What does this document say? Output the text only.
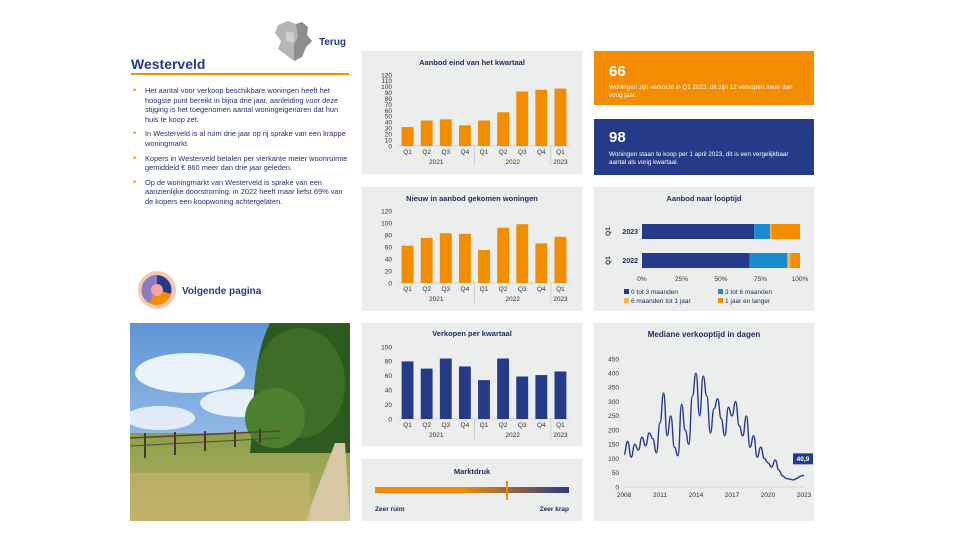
Terug
Westerveld
• Het aantal voor verkoop beschikbare woningen heeft het hoogste punt bereikt in bijna drie jaar, aanleiding voor deze stijging is het toegenomen aantal woningeigenaren dat hun huis te koop zet.
• In Westerveld is al ruim drie jaar op rij sprake van een krappe woningmarkt.
• Kopers in Westerveld betalen per vierkante meter woonruimte gemiddeld € 860 meer dan drie jaar geleden.
• Op de woningmarkt van Westerveld is sprake van een aanzienlijke doorstroming, in 2022 heeft maar liefst 69% van de kopers een koopwoning achtergelaten.
Volgende pagina
Aanbod eind van het kwartaal
0
10
20
30
40
50
60
70
80
90
100
110
120
Q1 Q2 Q3 Q4 Q1 Q2 Q3 Q4 Q1
2021	2022	2023
Nieuw in aanbod gekomen woningen
0
20
40
60
80
100
120
Q1 Q2 Q3 Q4 Q1 Q2 Q3 Q4 Q1
2021	2022	2023
Verkopen per kwartaal
0
20
40
60
80
100
Q1 Q2 Q3 Q4 Q1 Q2 Q3 Q4 Q1
2021	2022	2023
Marktdruk
Zeer ruim	Zeer krap
66
Woningen zijn verkocht in Q1 2023, dit zijn 12 verkopen meer dan vorig jaar.
98
Woningen staan te koop per 1 april 2023, dit is een vergelijkbaar aantal als vorig kwartaal.
Aanbod naar looptijd
Q1 2023
Q1 2022
0%	25%	50%	75%	100%
0 tot 3 maanden	3 tot 6 maanden
6 maanden tot 1 jaar	1 jaar en langer
Mediane verkooptijd in dagen
0
50
100
150
200
250
300
350
400
450
2008	2011	2014	2017	2020	2023
40,9
